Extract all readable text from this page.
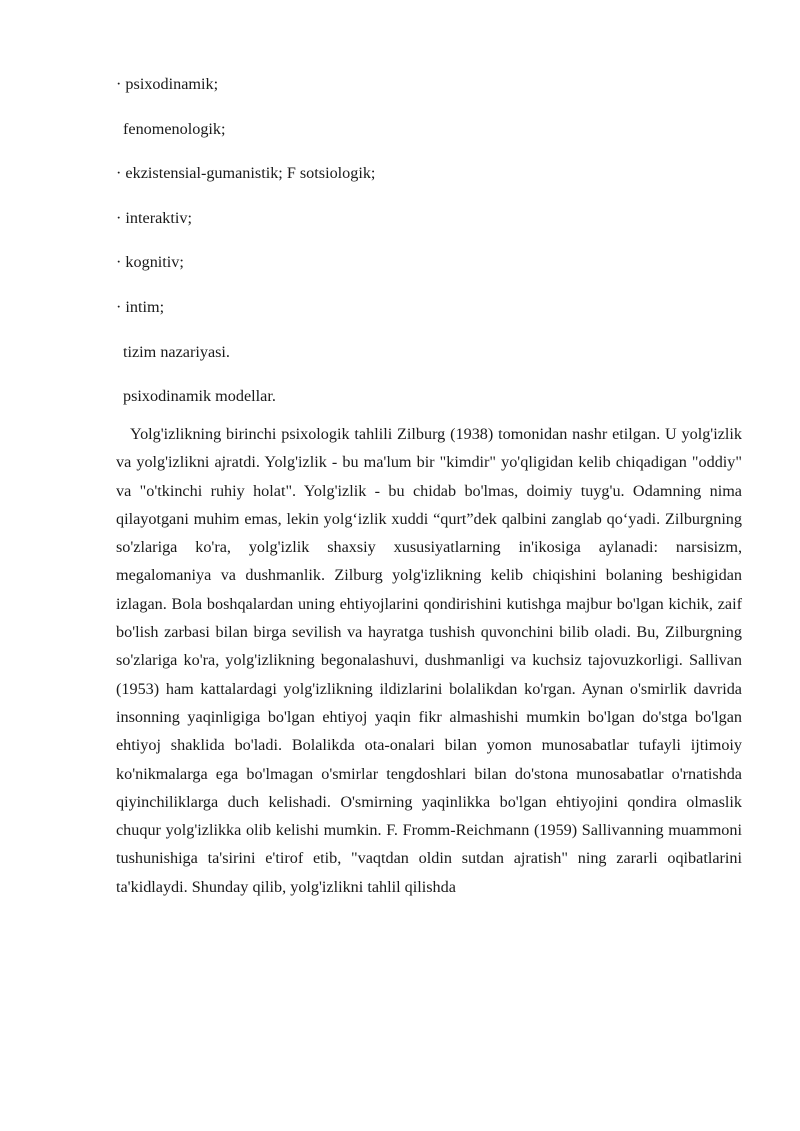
· psixodinamik;
fenomenologik;
· ekzistensial-gumanistik; F sotsiologik;
· interaktiv;
· kognitiv;
· intim;
tizim nazariyasi.
psixodinamik modellar.

Yolg'izlikning birinchi psixologik tahlili Zilburg (1938) tomonidan nashr etilgan. U yolg'izlik va yolg'izlikni ajratdi. Yolg'izlik - bu ma'lum bir "kimdir" yo'qligidan kelib chiqadigan "oddiy" va "o'tkinchi ruhiy holat". Yolg'izlik - bu chidab bo'lmas, doimiy tuyg'u. Odamning nima qilayotgani muhim emas, lekin yolg‘izlik xuddi “qurt”dek qalbini zanglab qo‘yadi. Zilburgning so'zlariga ko'ra, yolg'izlik shaxsiy xususiyatlarning in'ikosiga aylanadi: narsisizm, megalomaniya va dushmanlik. Zilburg yolg'izlikning kelib chiqishini bolaning beshigidan izlagan. Bola boshqalardan uning ehtiyojlarini qondirishini kutishga majbur bo'lgan kichik, zaif bo'lish zarbasi bilan birga sevilish va hayratga tushish quvonchini bilib oladi. Bu, Zilburgning so'zlariga ko'ra, yolg'izlikning begonalashuvi, dushmanligi va kuchsiz tajovuzkorligi. Sallivan (1953) ham kattalardagi yolg'izlikning ildizlarini bolalikdan ko'rgan. Aynan o'smirlik davrida insonning yaqinligiga bo'lgan ehtiyoj yaqin fikr almashishi mumkin bo'lgan do'stga bo'lgan ehtiyoj shaklida bo'ladi. Bolalikda ota-onalari bilan yomon munosabatlar tufayli ijtimoiy ko'nikmalarga ega bo'lmagan o'smirlar tengdoshlari bilan do'stona munosabatlar o'rnatishda qiyinchiliklarga duch kelishadi. O'smirning yaqinlikka bo'lgan ehtiyojini qondira olmaslik chuqur yolg'izlikka olib kelishi mumkin. F. Fromm-Reichmann (1959) Sallivanning muammoni tushunishiga ta'sirini e'tirof etib, "vaqtdan oldin sutdan ajratish" ning zararli oqibatlarini ta'kidlaydi. Shunday qilib, yolg'izlikni tahlil qilishda
